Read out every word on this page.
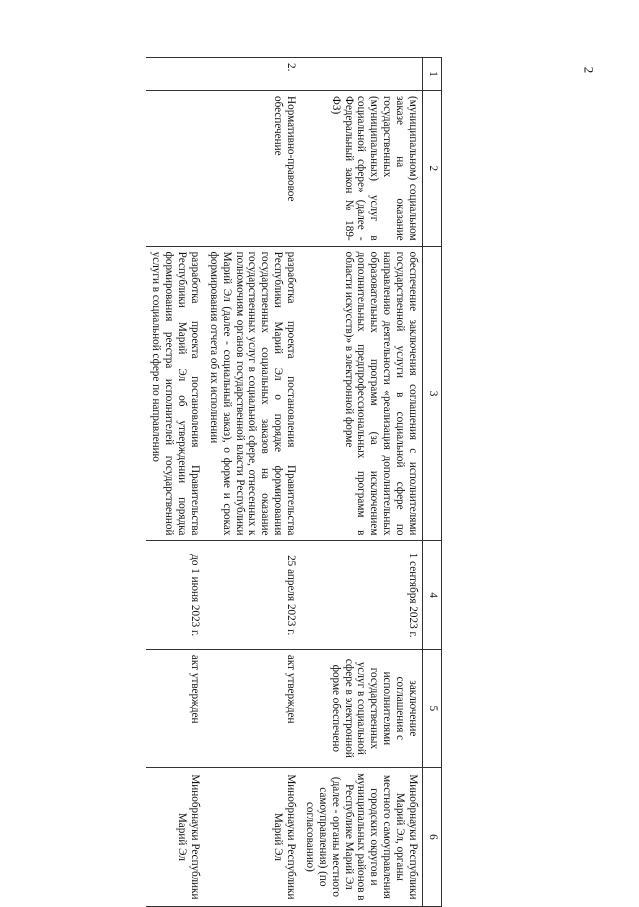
2
1	2	3	4	5	6
	(муниципальном) социальном заказе на оказание государственных (муниципальных) услуг в социальной сфере» (далее - Федеральный закон № 189-ФЗ)	обеспечение заключения соглашения с исполнителями государственной услуги в социальной сфере по направлению деятельности «реализация дополнительных образовательных программ (за исключением дополнительных предпрофессиональных программ в области искусств)» в электронной форме	1 сентября 2023 г.	заключение соглашения с исполнителями государственных услуг в социальной сфере в электронной форме обеспечено	Минобрнауки Республики Марий Эл, органы местного самоуправления городских округов и муниципальных районов в Республике Марий Эл (далее - органы местного самоуправления) (по согласованию)
2.	Нормативно-правовое обеспечение	разработка проекта постановления Правительства Республики Марий Эл о порядке формирования государственных социальных заказов на оказание государственных услуг в социальной сфере, отнесенных к полномочиям органов государственной власти Республики Марий Эл (далее - социальный заказ), о форме и сроках формирования отчета об их исполнении	25 апреля 2023 г.	акт утвержден	Минобрнауки Республики Марий Эл
		разработка проекта постановления Правительства Республики Марий Эл об утверждении порядка формирования реестра исполнителей государственной услуги в социальной сфере по направлению	до 1 июня 2023 г.	акт утвержден	Минобрнауки Республики Марий Эл
